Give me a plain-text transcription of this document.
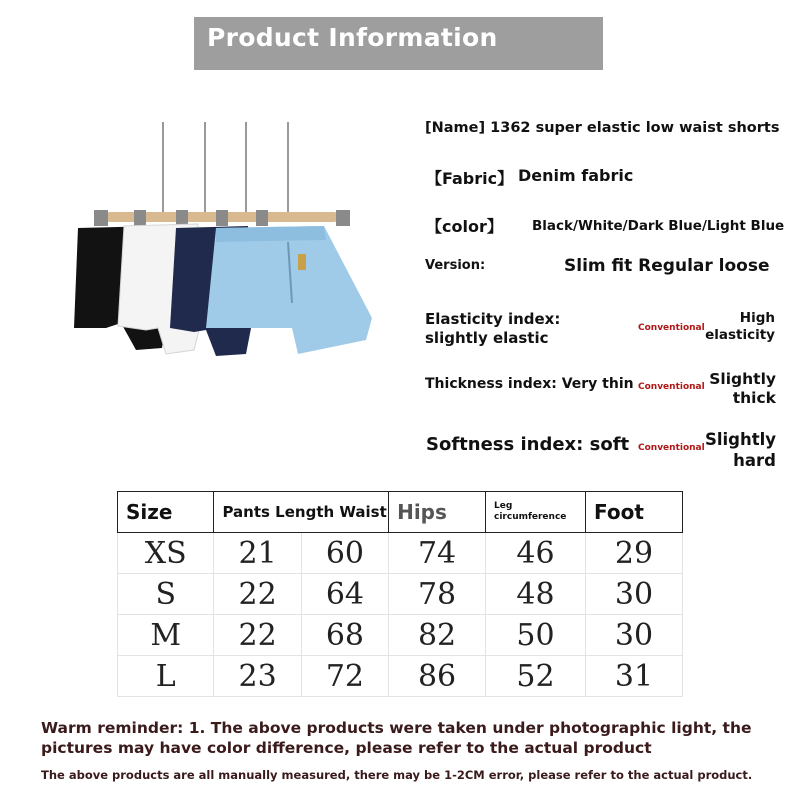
Product Information
[Name] 1362 super elastic low waist shorts
【Fabric】 Denim fabric
【color】 Black/White/Dark Blue/Light Blue
Version:	Slim fit Regular loose
Elasticity index: slightly elastic
Conventional
High elasticity
Thickness index: Very thin Conventional Slightly thick
Softness index: soft Conventional Slightly hard
Size	Pants Length Waist		Hips	Leg circumference	Foot
XS	21	60	74	46	29
S	22	64	78	48	30
M	22	68	82	50	30
L	23	72	86	52	31
Warm reminder: 1. The above products were taken under photographic light, the pictures may have color difference, please refer to the actual product
The above products are all manually measured, there may be 1-2CM error, please refer to the actual product.
